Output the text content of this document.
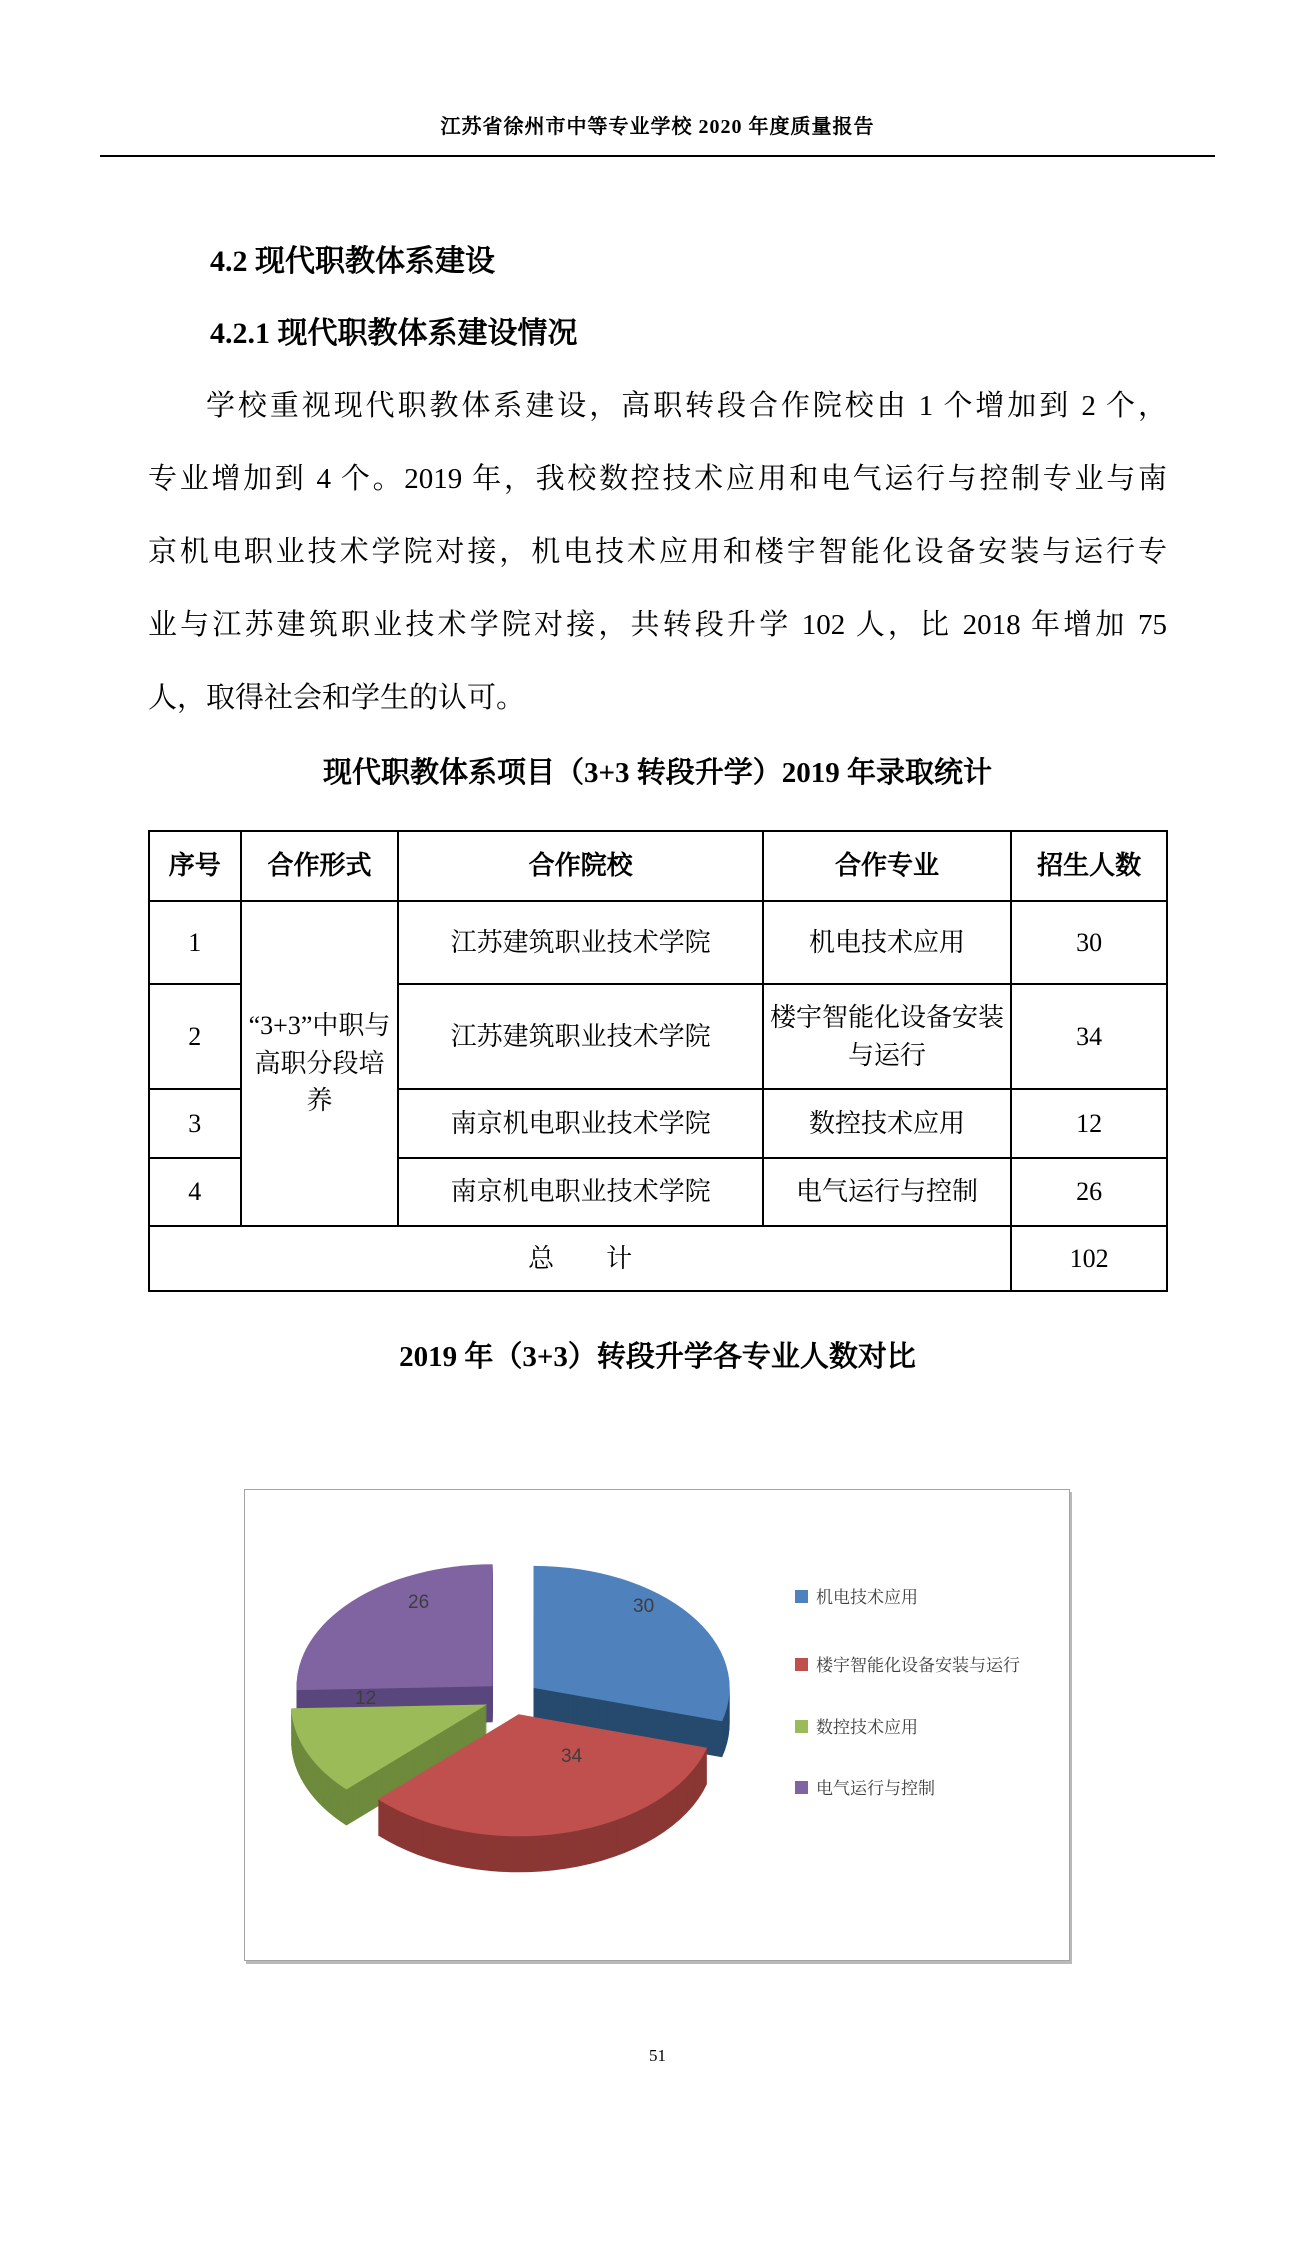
江苏省徐州市中等专业学校 2020 年度质量报告
4.2 现代职教体系建设
4.2.1 现代职教体系建设情况
学校重视现代职教体系建设，高职转段合作院校由 1 个增加到 2 个，
专业增加到 4 个。2019 年，我校数控技术应用和电气运行与控制专业与南
京机电职业技术学院对接，机电技术应用和楼宇智能化设备安装与运行专
业与江苏建筑职业技术学院对接，共转段升学 102 人，比 2018 年增加 75
人，取得社会和学生的认可。
现代职教体系项目（3+3 转段升学）2019 年录取统计
序号	合作形式	合作院校	合作专业	招生人数
1	“3+3”中职与高职分段培养	江苏建筑职业技术学院	机电技术应用	30
2		江苏建筑职业技术学院	楼宇智能化设备安装与运行	34
3		南京机电职业技术学院	数控技术应用	12
4		南京机电职业技术学院	电气运行与控制	26
总　　计				102
2019 年（3+3）转段升学各专业人数对比
30
34
12
26	机电技术应用
楼宇智能化设备安装与运行
数控技术应用
电气运行与控制
51
